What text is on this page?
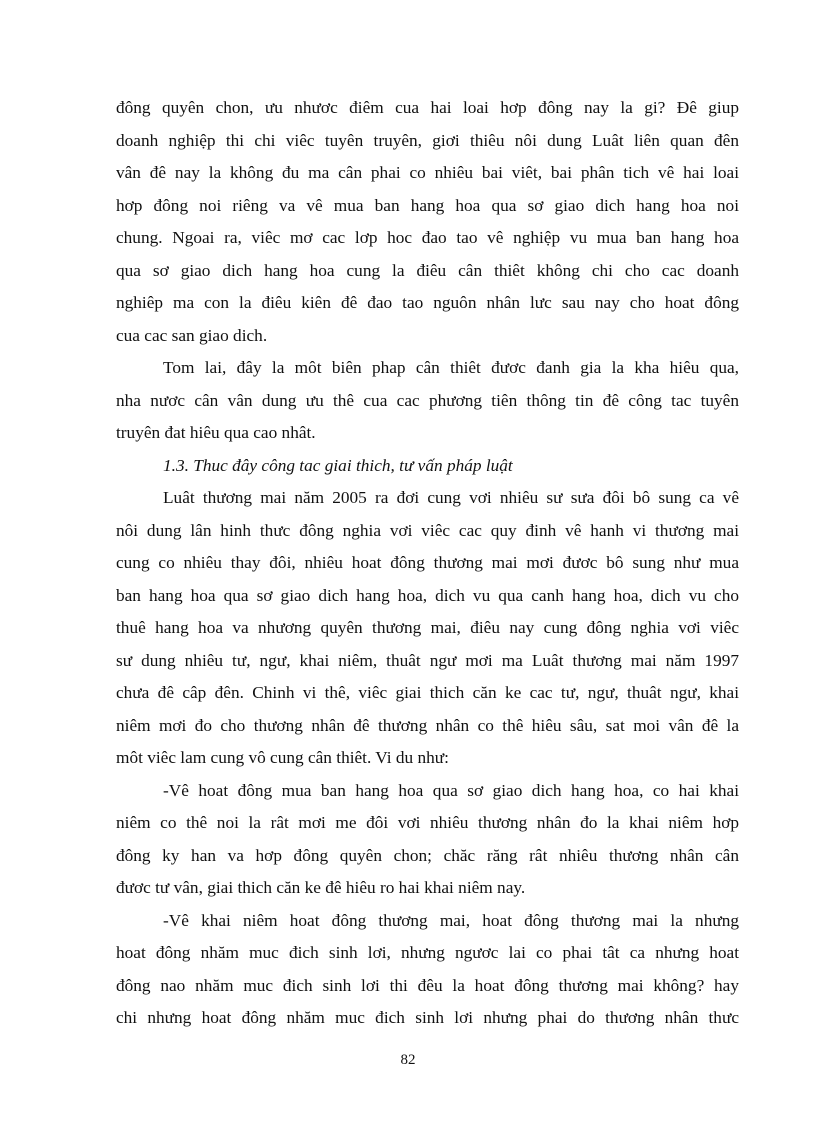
đông quyên chon, ưu nhươc điêm cua hai loai hơp đông nay la gi? Đê giup
doanh nghiệp thi chi viêc tuyên truyên, giơi thiêu nôi dung Luât liên quan đên
vân đê nay la không đu ma cân phai co nhiêu bai viêt, bai phân tich vê hai loai
hơp đông noi riêng va vê mua ban hang hoa qua sơ giao dich hang hoa noi
chung. Ngoai ra, viêc mơ cac lơp hoc đao tao vê nghiệp vu mua ban hang hoa
qua sơ giao dich hang hoa cung la điêu cân thiêt không chi cho cac doanh
nghiêp ma con la điêu kiên đê đao tao nguôn nhân lưc sau nay cho hoat đông
cua cac san giao dich.
Tom lai, đây la môt biên phap cân thiêt đươc đanh gia la kha hiêu qua,
nha nươc cân vân dung ưu thê cua cac phương tiên thông tin đê công tac tuyên
truyên đat hiêu qua cao nhât.
1.3. Thuc đây công tac giai thich, tư vấn pháp luật
Luât thương mai năm 2005 ra đơi cung vơi nhiêu sư sưa đôi bô sung ca vê
nôi dung lân hinh thưc đông nghia vơi viêc cac quy đinh vê hanh vi thương mai
cung co nhiêu thay đôi, nhiêu hoat đông thương mai mơi đươc bô sung như mua
ban hang hoa qua sơ giao dich hang hoa, dich vu qua canh hang hoa, dich vu cho
thuê hang hoa va nhương quyên thương mai, điêu nay cung đông nghia vơi viêc
sư dung nhiêu tư, ngư, khai niêm, thuât ngư mơi ma Luât thương mai năm 1997
chưa đê câp đên. Chinh vi thê, viêc giai thich căn ke cac tư, ngư, thuât ngư, khai
niêm mơi đo cho thương nhân đê thương nhân co thê hiêu sâu, sat moi vân đê la
môt viêc lam cung vô cung cân thiêt. Vi du như:
-Vê hoat đông mua ban hang hoa qua sơ giao dich hang hoa, co hai khai
niêm co thê noi la rât mơi me đôi vơi nhiêu thương nhân đo la khai niêm hơp
đông ky han va hơp đông quyên chon; chăc răng rât nhiêu thương nhân cân
đươc tư vân, giai thich căn ke đê hiêu ro hai khai niêm nay.
-Vê khai niêm hoat đông thương mai, hoat đông thương mai la nhưng
hoat đông nhăm muc đich sinh lơi, nhưng ngươc lai co phai tât ca nhưng hoat
đông nao nhăm muc đich sinh lơi thi đêu la hoat đông thương mai không? hay
chi nhưng hoat đông nhăm muc đich sinh lơi nhưng phai do thương nhân thưc
82
